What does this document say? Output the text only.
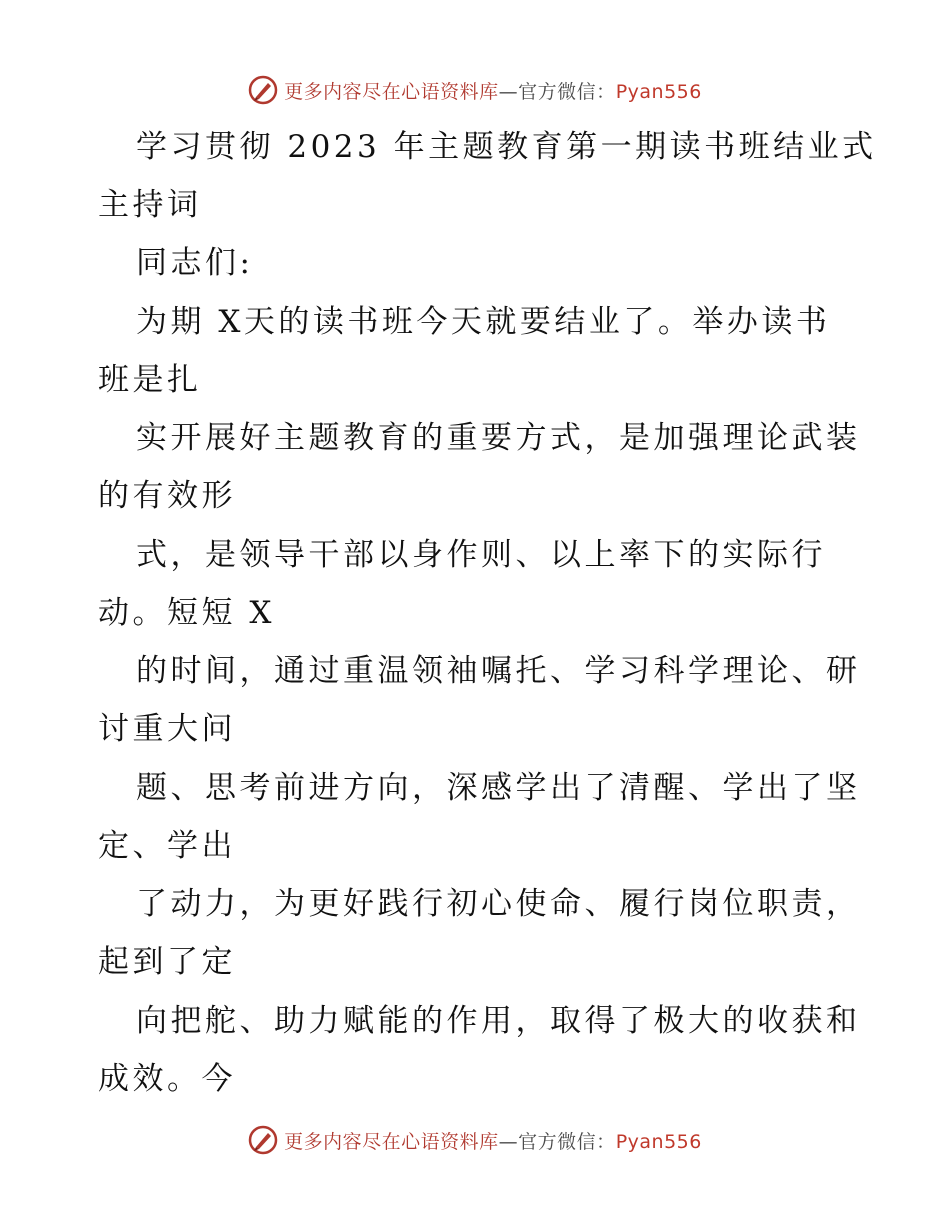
更多内容尽在心语资料库—官方微信：Pyan556
学习贯彻 2023 年主题教育第一期读书班结业式
主持词
同志们:
为期 X天的读书班今天就要结业了。举办读书
班是扎
实开展好主题教育的重要方式，是加强理论武装
的有效形
式，是领导干部以身作则、以上率下的实际行
动。短短 X
的时间，通过重温领袖嘱托、学习科学理论、研
讨重大问
题、思考前进方向，深感学出了清醒、学出了坚
定、学出
了动力，为更好践行初心使命、履行岗位职责，
起到了定
向把舵、助力赋能的作用，取得了极大的收获和
成效。今
更多内容尽在心语资料库—官方微信：Pyan556
